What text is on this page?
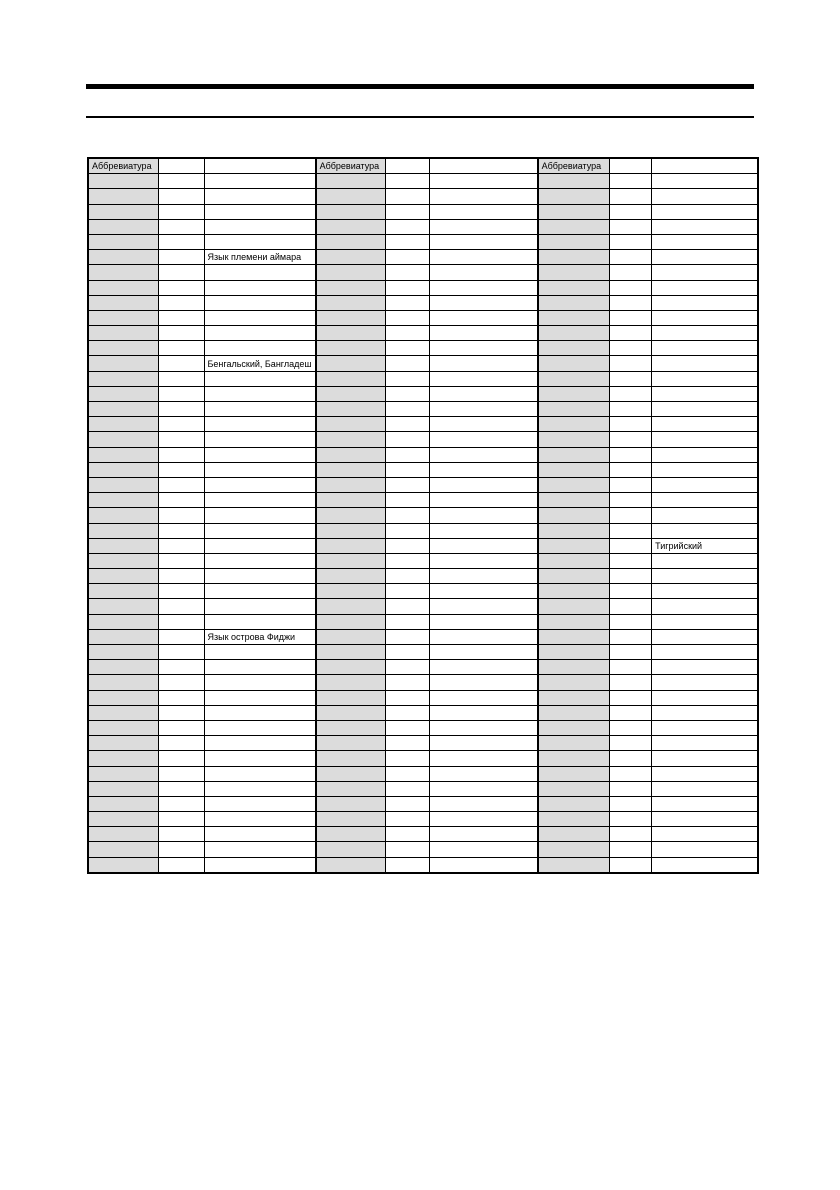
Аббревиатура			Аббревиатура			Аббревиатура		

		Язык племени аймара						

		Бенгальский, Бангладеш						

								Тигрийский

		Язык острова Фиджи						
